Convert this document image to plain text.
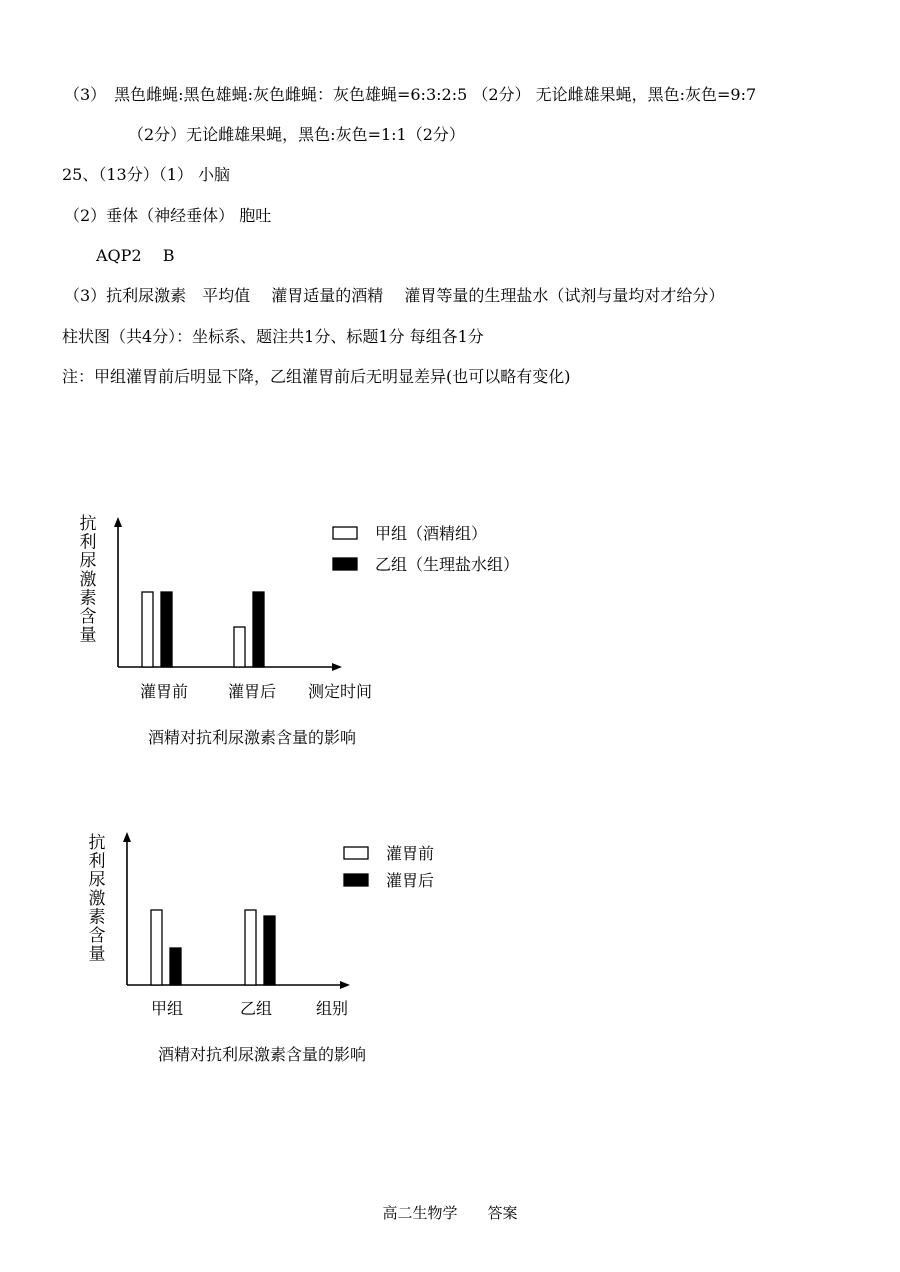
（3）　黑色雌蝇:黑色雄蝇:灰色雌蝇：灰色雄蝇=6:3:2:5 （2分） 无论雌雄果蝇，黑色:灰色=9:7
（2分）无论雌雄果蝇，黑色:灰色=1:1（2分）
25、（13分）（1） 小脑
（2）垂体（神经垂体） 胞吐
AQP2　 B
（3）抗利尿激素　平均值　 灌胃适量的酒精　 灌胃等量的生理盐水（试剂与量均对才给分）
柱状图（共4分）：坐标系、题注共1分、标题1分 每组各1分
注：甲组灌胃前后明显下降，乙组灌胃前后无明显差异(也可以略有变化)
抗
利
尿
激
素
含
量
灌胃前 灌胃后 测定时间
甲组（酒精组）
乙组（生理盐水组）
酒精对抗利尿激素含量的影响
抗
利
尿
激
素
含
量
甲组	乙组	组别
灌胃前
灌胃后
酒精对抗利尿激素含量的影响
高二生物学　　答案
